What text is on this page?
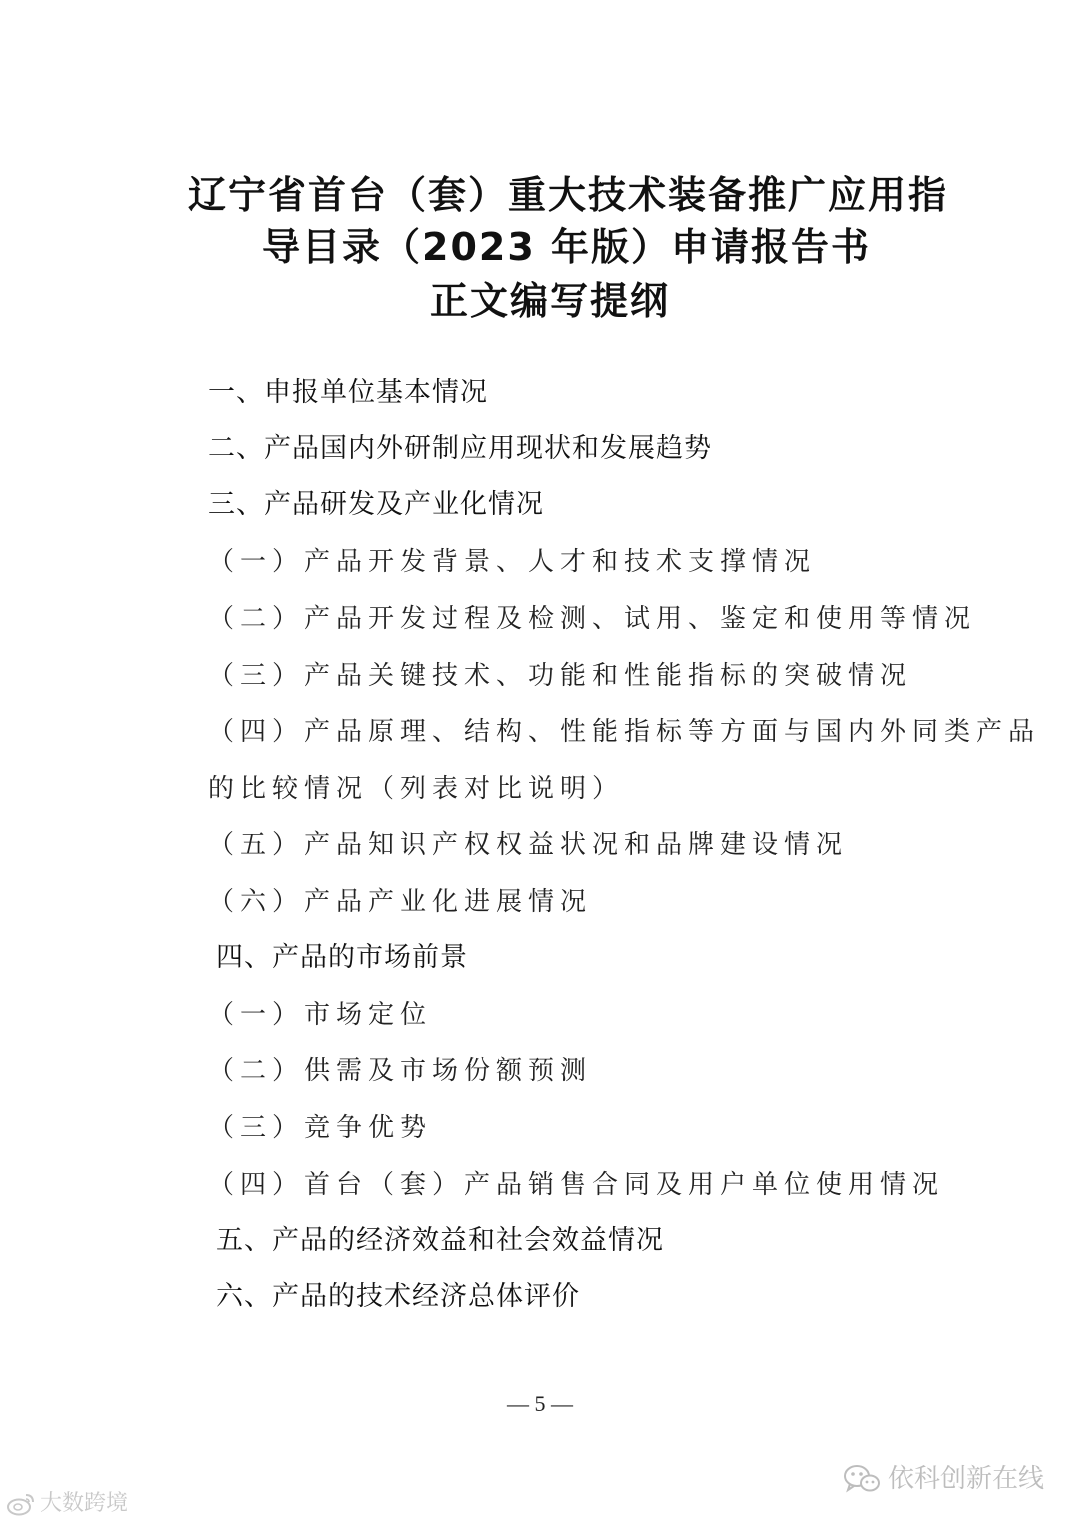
辽宁省首台（套）重大技术装备推广应用指
导目录（2023 年版）申请报告书
正文编写提纲
一、申报单位基本情况
二、产品国内外研制应用现状和发展趋势
三、产品研发及产业化情况
（一）产品开发背景、人才和技术支撑情况
（二）产品开发过程及检测、试用、鉴定和使用等情况
（三）产品关键技术、功能和性能指标的突破情况
（四）产品原理、结构、性能指标等方面与国内外同类产品
的比较情况（列表对比说明）
（五）产品知识产权权益状况和品牌建设情况
（六）产品产业化进展情况
四、产品的市场前景
（一）市场定位
（二）供需及市场份额预测
（三）竞争优势
（四）首台（套）产品销售合同及用户单位使用情况
五、产品的经济效益和社会效益情况
六、产品的技术经济总体评价
— 5 —
大数跨境
依科创新在线
